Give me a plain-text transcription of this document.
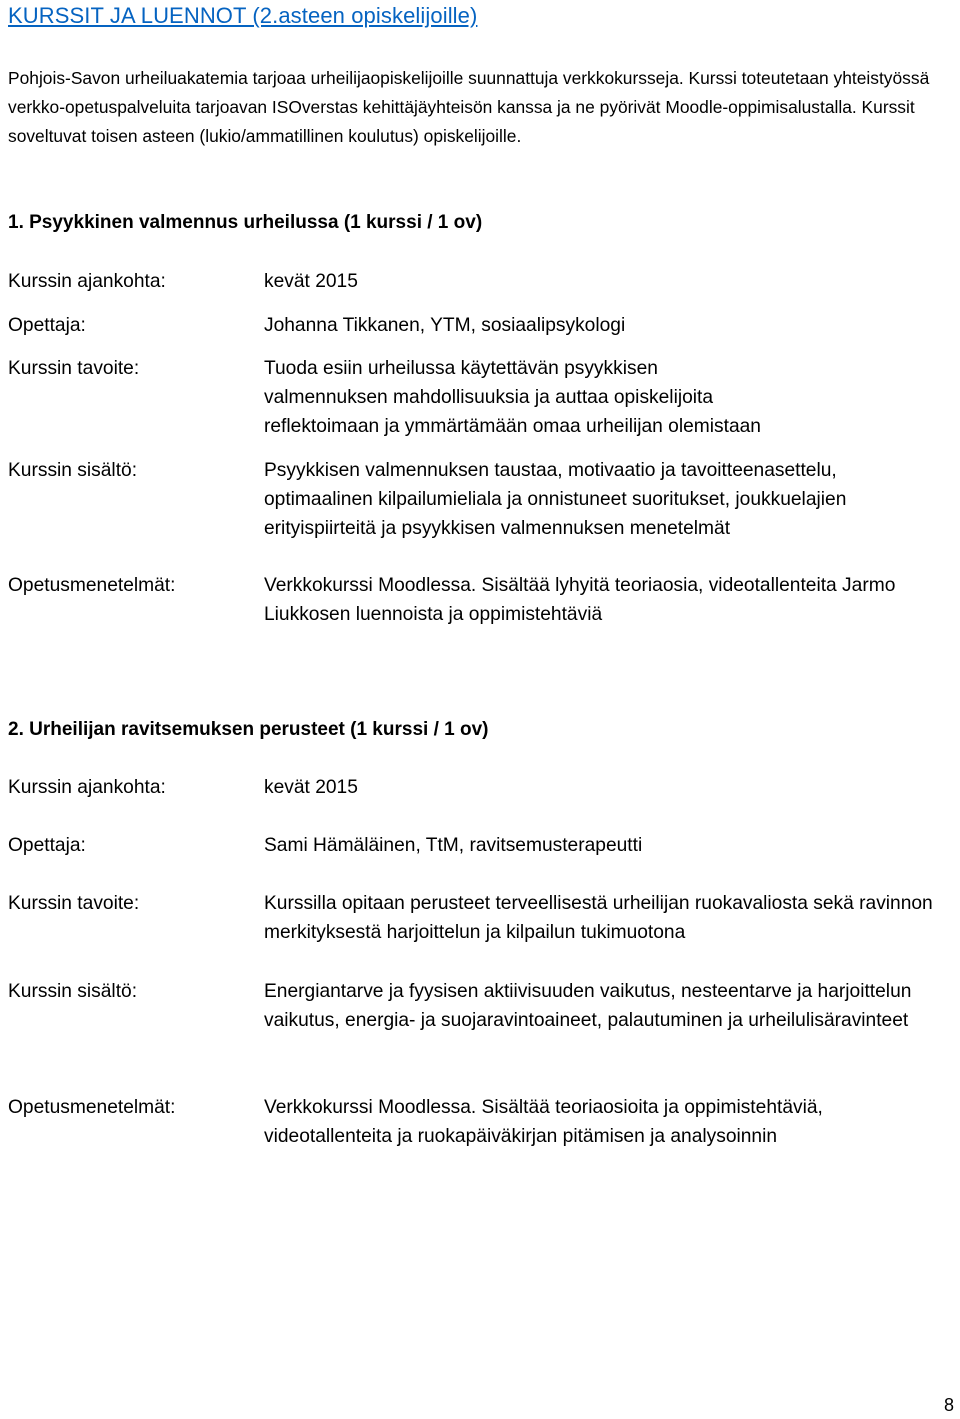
KURSSIT JA LUENNOT (2.asteen opiskelijoille)

Pohjois-Savon urheiluakatemia tarjoaa urheilijaopiskelijoille suunnattuja verkkokursseja. Kurssi toteutetaan yhteistyössä verkko-opetuspalveluita tarjoavan ISOverstas kehittäjäyhteisön kanssa ja ne pyörivät Moodle-oppimisalustalla. Kurssit soveltuvat toisen asteen (lukio/ammatillinen koulutus) opiskelijoille.

1. Psyykkinen valmennus urheilussa (1 kurssi / 1 ov)
Kurssin ajankohta:	kevät 2015
Opettaja:	Johanna Tikkanen, YTM, sosiaalipsykologi
Kurssin tavoite:	Tuoda esiin urheilussa käytettävän psyykkisen valmennuksen mahdollisuuksia ja auttaa opiskelijoita reflektoimaan ja ymmärtämään omaa urheilijan olemistaan
Kurssin sisältö:	Psyykkisen valmennuksen taustaa, motivaatio ja tavoitteenasettelu, optimaalinen kilpailumieliala ja onnistuneet suoritukset, joukkuelajien erityispiirteitä ja psyykkisen valmennuksen menetelmät
Opetusmenetelmät:	Verkkokurssi Moodlessa. Sisältää lyhyitä teoriaosia, videotallenteita Jarmo Liukkosen luennoista ja oppimistehtäviä
2. Urheilijan ravitsemuksen perusteet (1 kurssi / 1 ov)
Kurssin ajankohta:	kevät 2015
Opettaja:	Sami Hämäläinen, TtM, ravitsemusterapeutti
Kurssin tavoite:	Kurssilla opitaan perusteet terveellisestä urheilijan ruokavaliosta sekä ravinnon merkityksestä harjoittelun ja kilpailun tukimuotona
Kurssin sisältö:	Energiantarve ja fyysisen aktiivisuuden vaikutus, nesteentarve ja harjoittelun vaikutus, energia- ja suojaravintoaineet, palautuminen ja urheilulisäravinteet
Opetusmenetelmät:	Verkkokurssi Moodlessa. Sisältää teoriaosioita ja oppimistehtäviä, videotallenteita ja ruokapäiväkirjan pitämisen ja analysoinnin
8
